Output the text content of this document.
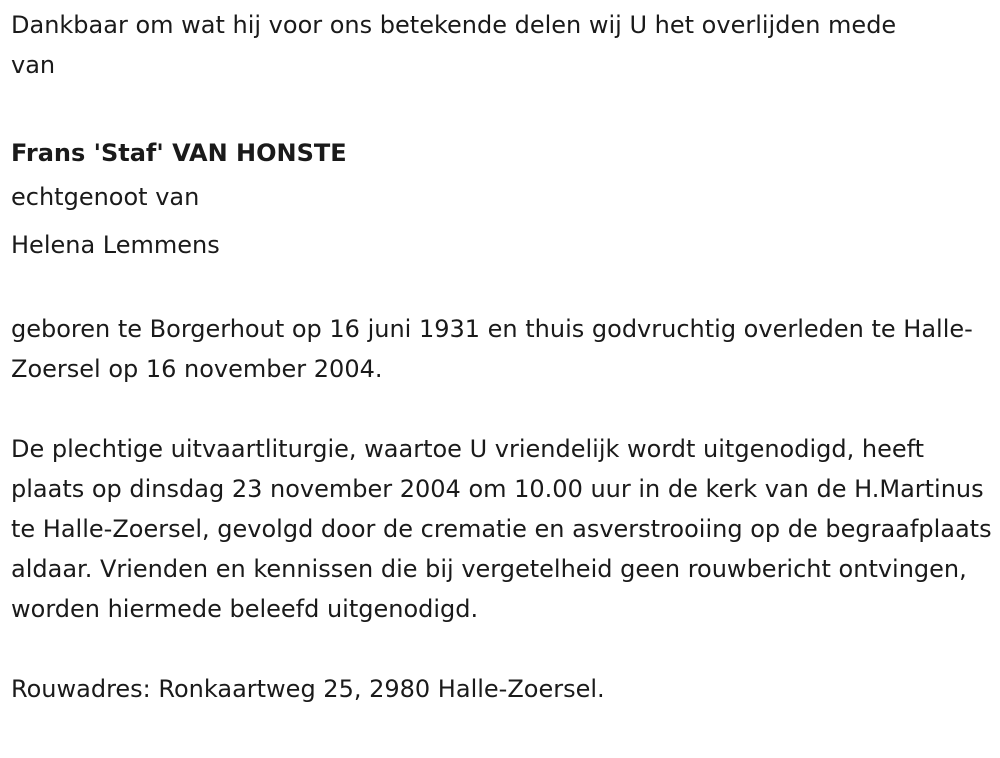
Dankbaar om wat hij voor ons betekende delen wij U het overlijden mede van

Frans 'Staf' VAN HONSTE

echtgenoot van

Helena Lemmens

geboren te Borgerhout op 16 juni 1931 en thuis godvruchtig overleden te Halle-Zoersel op 16 november 2004.

De plechtige uitvaartliturgie, waartoe U vriendelijk wordt uitgenodigd, heeft plaats op dinsdag 23 november 2004 om 10.00 uur in de kerk van de H.Martinus te Halle-Zoersel, gevolgd door de crematie en asverstrooiing op de begraafplaats aldaar. Vrienden en kennissen die bij vergetelheid geen rouwbericht ontvingen, worden hiermede beleefd uitgenodigd.

Rouwadres: Ronkaartweg 25, 2980 Halle-Zoersel.
